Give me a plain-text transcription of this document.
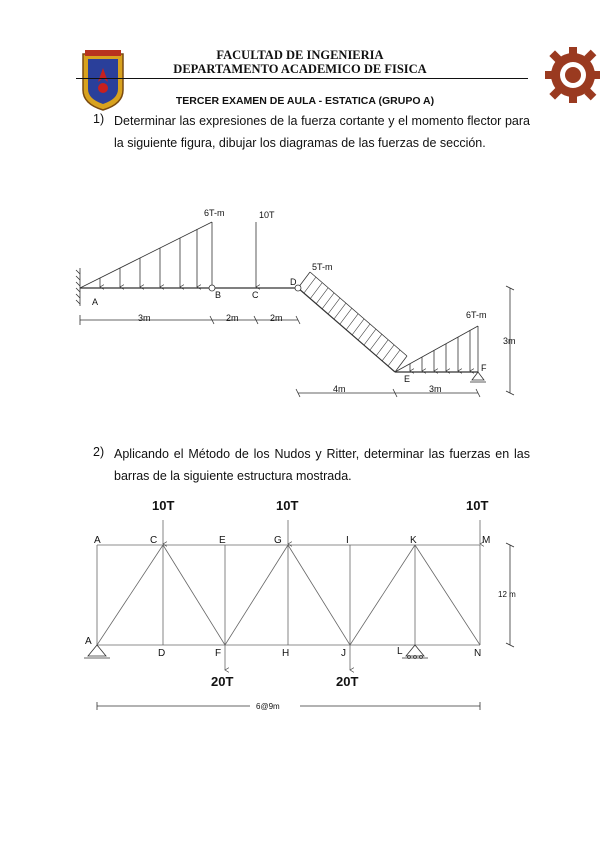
FACULTAD DE INGENIERIA
DEPARTAMENTO ACADEMICO DE FISICA
TERCER EXAMEN DE AULA - ESTATICA (GRUPO A)
1) Determinar las expresiones de la fuerza cortante y el momento flector para la siguiente figura, dibujar los diagramas de las fuerzas de sección.
6T-m	10T
5T-m
6T-m
A
B	C
D
E
F
3m	2m	2m
4m	3m
3m
2) Aplicando el Método de los Nudos y Ritter, determinar las fuerzas en las barras de la siguiente estructura mostrada.
10T	10T	10T
20T	20T
A	C	E	G	I	K	M
A
D	F	H	J	L	N
12 m
6@9m
